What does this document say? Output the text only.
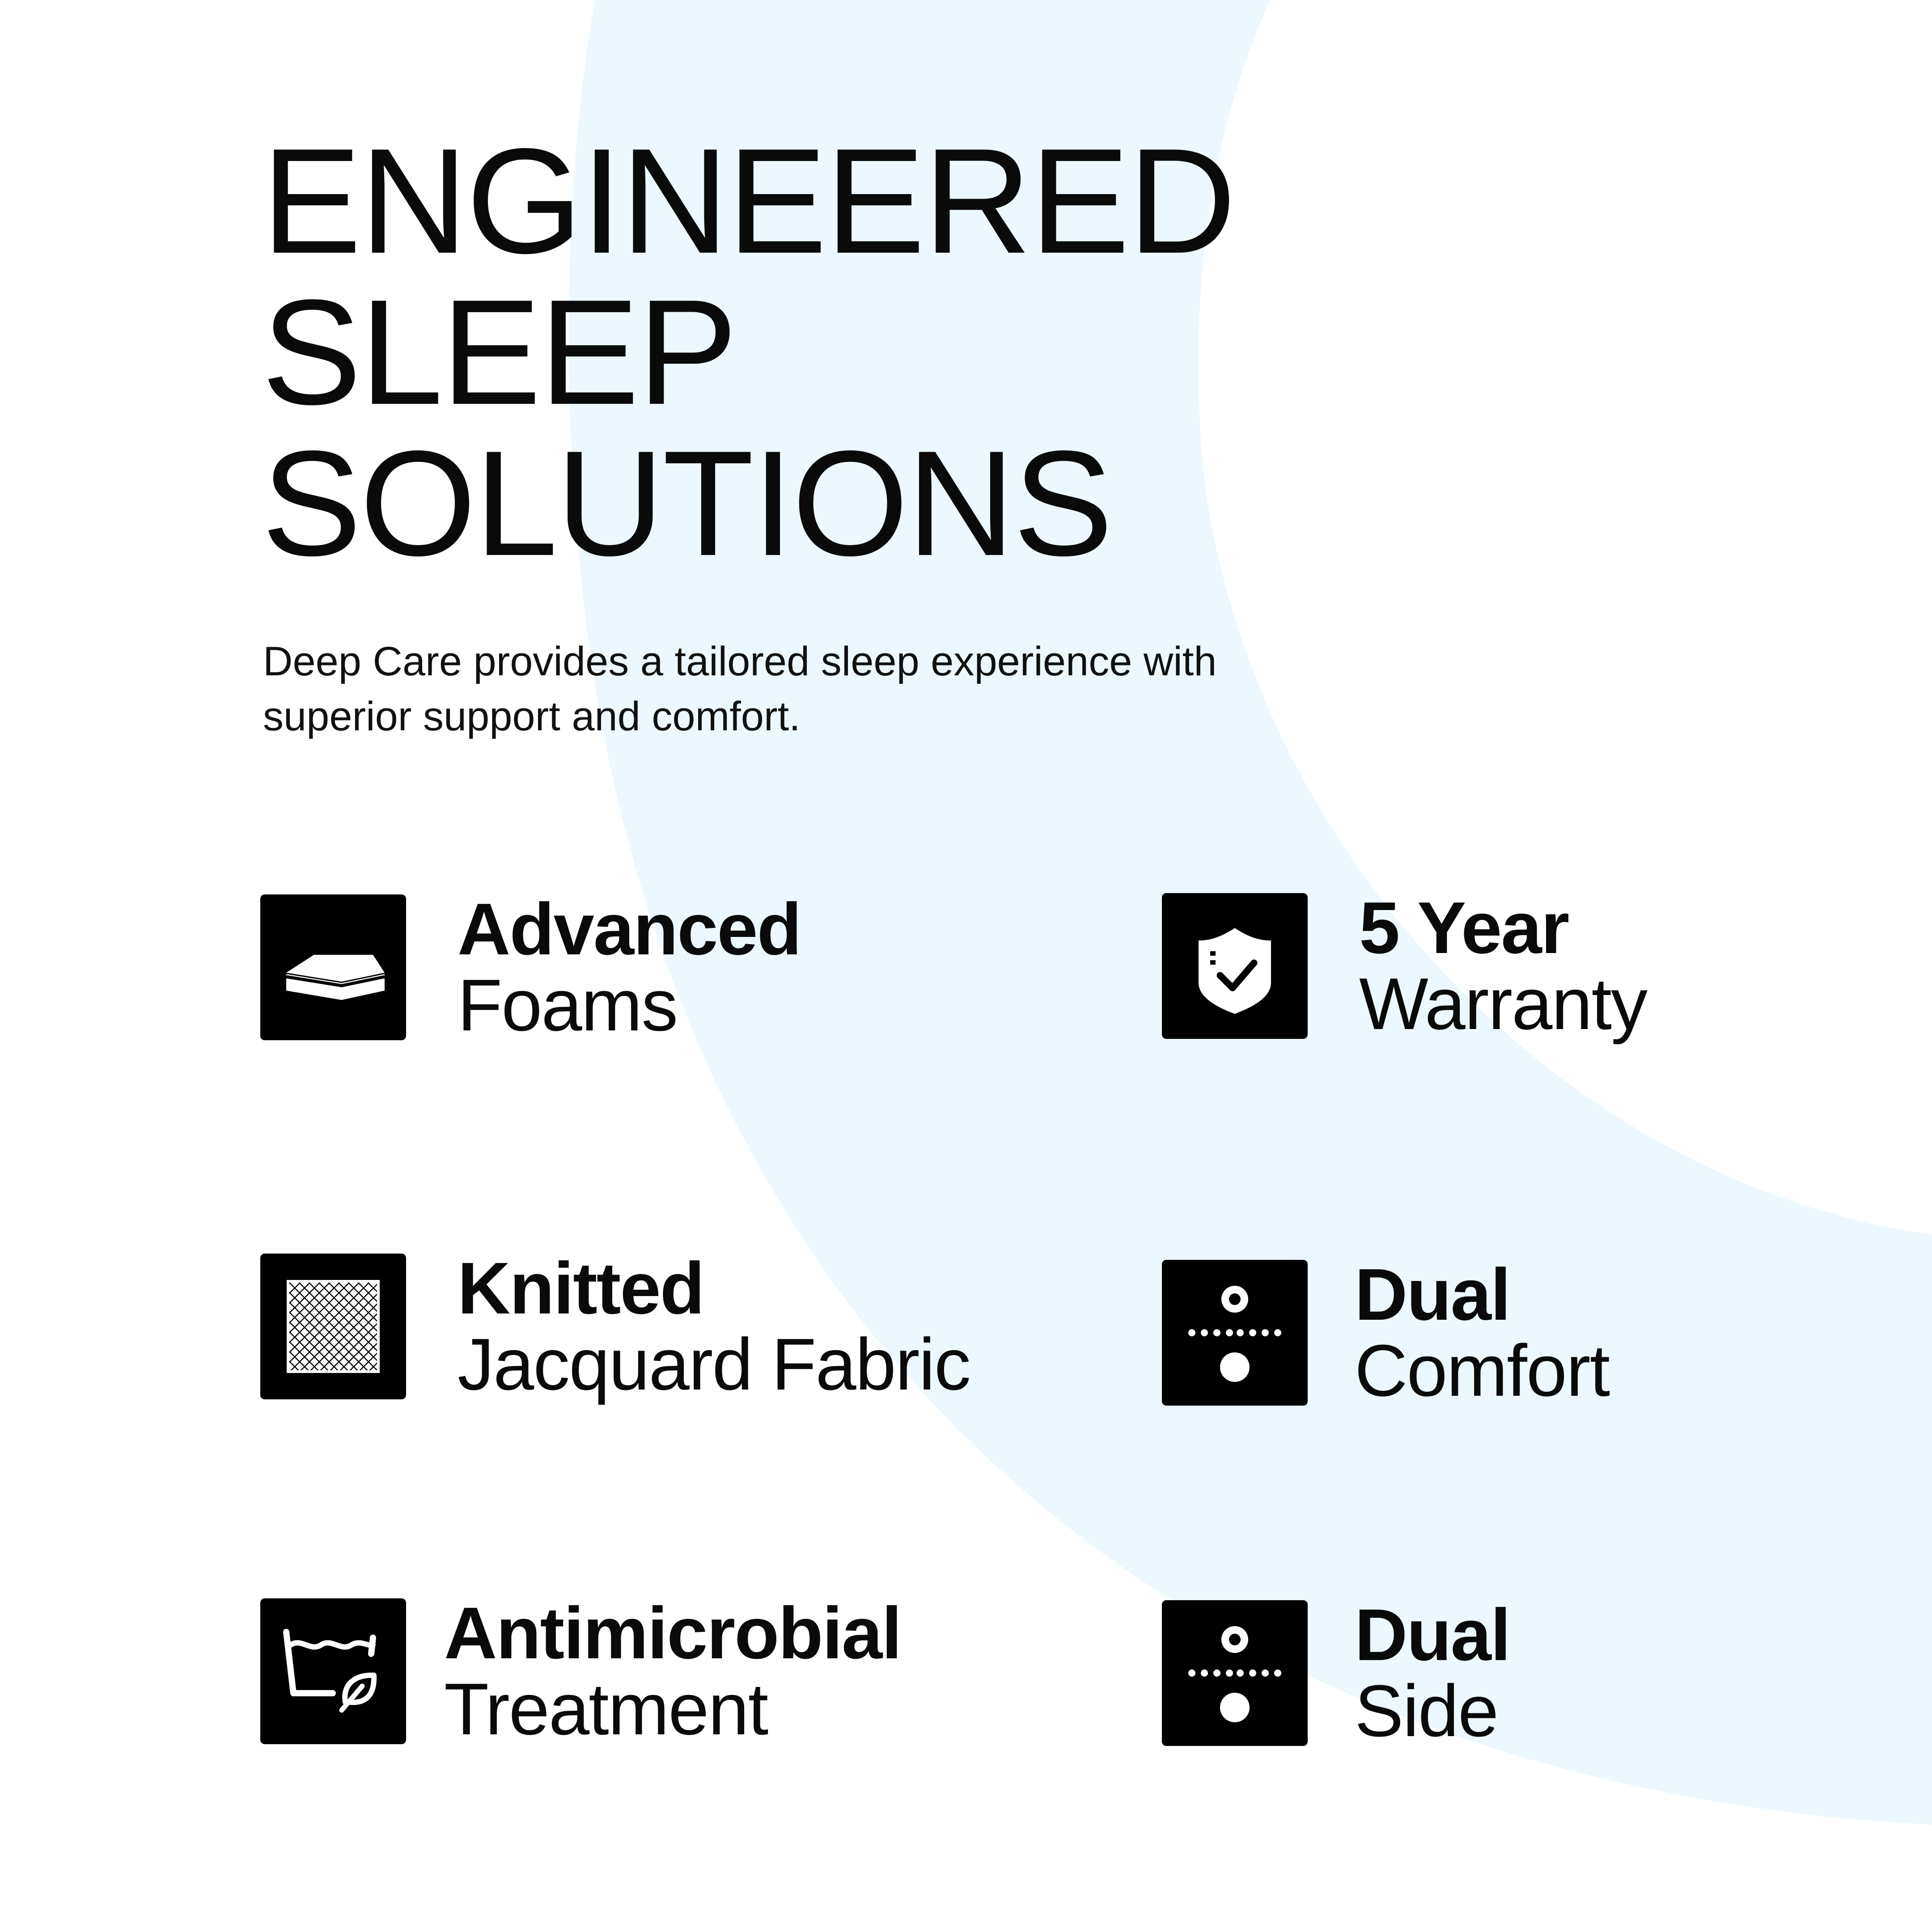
ENGINEERED
SLEEP
SOLUTIONS

Deep Care provides a tailored sleep experience with superior support and comfort.

Advanced
Foams
5 Year
Warranty
Knitted
Jacquard Fabric
Dual
Comfort
Antimicrobial
Treatment
Dual
Side
